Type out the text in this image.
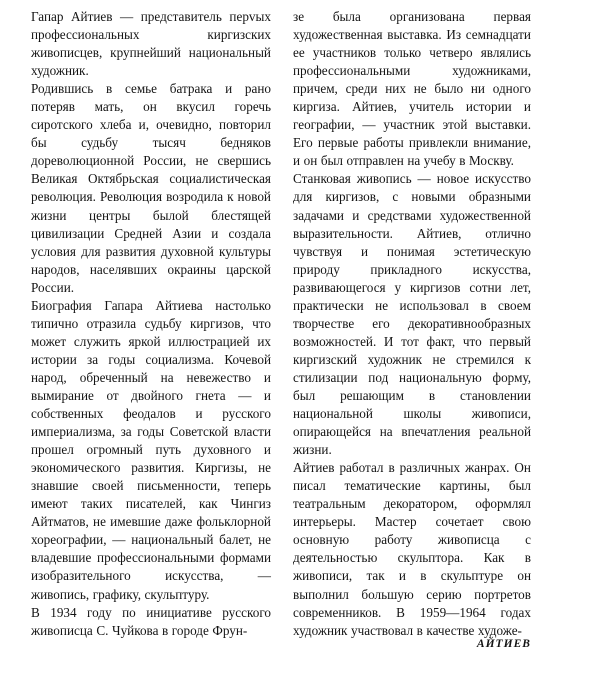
Гапар Айтиев — представитель перvых профессиональных киргизских живописцев, крупнейший национальный художник.

Родившись в семье батрака и рано потеряв мать, он вкусил горечь сиротского хлеба и, очевидно, повторил бы судьбу тысяч бедняков дореволюционной России, не свершись Великая Октябрьская социалистическая революция. Революция возродила к новой жизни центры былой блестящей цивилизации Средней Азии и создала условия для развития духовной культуры народов, населявших окраины царской России.

Биография Гапара Айтиева настолько типично отразила судьбу киргизов, что может служить яркой иллюстрацией их истории за годы социализма. Кочевой народ, обреченный на невежество и вымирание от двойного гнета — и собственных феодалов и русского империализма, за годы Советской власти прошел огромный путь духовного и экономического развития. Киргизы, не знавшие своей письменности, теперь имеют таких писателей, как Чингиз Айтматов, не имевшие даже фольклорной хореографии, — национальный балет, не владевшие профессиональными формами изобразительного искусства, — живопись, графику, скульптуру.

В 1934 году по инициативе русского живописца С. Чуйкова в городе Фрун-

зе была организована первая художественная выставка. Из семнадцати ее участников только четверо являлись профессиональными художниками, причем, среди них не было ни одного киргиза. Айтиев, учитель истории и географии, — участник этой выставки. Его первые работы привлекли внимание, и он был отправлен на учебу в Москву.

Станковая живопись — новое искусство для киргизов, с новыми образными задачами и средствами художественной выразительности. Айтиев, отлично чувствуя и понимая эстетическую природу прикладного искусства, развивающегося у киргизов сотни лет, практически не использовал в своем творчестве его декоративнообразных возможностей. И тот факт, что первый киргизский художник не стремился к стилизации под национальную форму, был решающим в становлении национальной школы живописи, опирающейся на впечатления реальной жизни.

Айтиев работал в различных жанрах. Он писал тематические картины, был театральным декоратором, оформлял интерьеры. Мастер сочетает свою основную работу живописца с деятельностью скульптора. Как в живописи, так и в скульптуре он выполнил большую серию портретов современников. В 1959—1964 годах художник участвовал в качестве художе-

АЙТИЕВ
